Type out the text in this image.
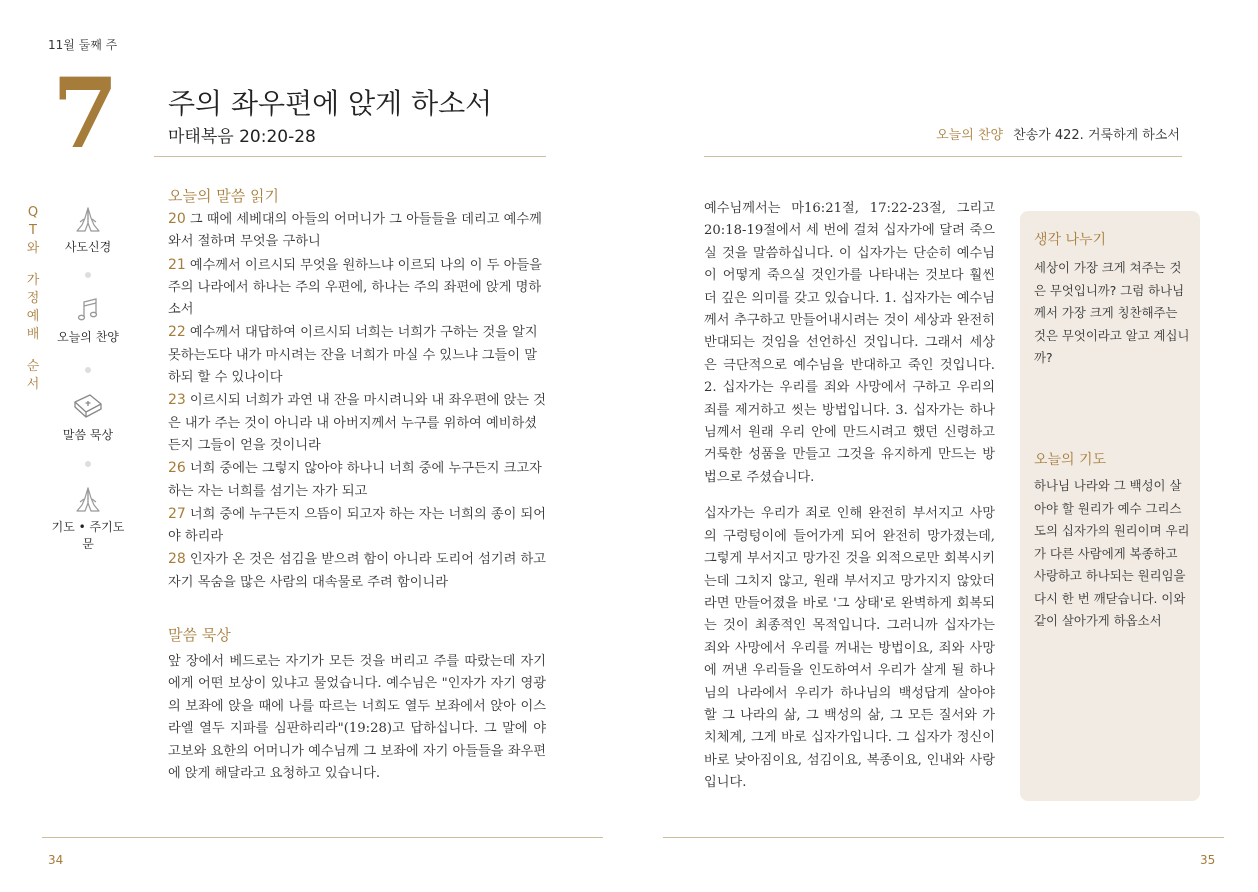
11월 둘째 주
7 주의 좌우편에 앉게 하소서
마태복음 20:20-28
Q
T
와
가
정
예
배
순
서
사도신경
오늘의 찬양
말씀 묵상
기도 • 주기도문
오늘의 말씀 읽기

20 그 때에 세베대의 아들의 어머니가 그 아들들을 데리고 예수께 와서 절하며 무엇을 구하니

21 예수께서 이르시되 무엇을 원하느냐 이르되 나의 이 두 아들을 주의 나라에서 하나는 주의 우편에, 하나는 주의 좌편에 앉게 명하소서

22 예수께서 대답하여 이르시되 너희는 너희가 구하는 것을 알지 못하는도다 내가 마시려는 잔을 너희가 마실 수 있느냐 그들이 말하되 할 수 있나이다

23 이르시되 너희가 과연 내 잔을 마시려니와 내 좌우편에 앉는 것은 내가 주는 것이 아니라 내 아버지께서 누구를 위하여 예비하셨든지 그들이 얻을 것이니라

26 너희 중에는 그렇지 않아야 하나니 너희 중에 누구든지 크고자 하는 자는 너희를 섬기는 자가 되고

27 너희 중에 누구든지 으뜸이 되고자 하는 자는 너희의 종이 되어야 하리라

28 인자가 온 것은 섬김을 받으려 함이 아니라 도리어 섬기려 하고 자기 목숨을 많은 사람의 대속물로 주려 함이니라

말씀 묵상

앞 장에서 베드로는 자기가 모든 것을 버리고 주를 따랐는데 자기에게 어떤 보상이 있냐고 물었습니다. 예수님은 "인자가 자기 영광의 보좌에 앉을 때에 나를 따르는 너희도 열두 보좌에서 앉아 이스라엘 열두 지파를 심판하리라"(19:28)고 답하십니다. 그 말에 야고보와 요한의 어머니가 예수님께 그 보좌에 자기 아들들을 좌우편에 앉게 해달라고 요청하고 있습니다.

34
오늘의 찬양 찬송가 422. 거룩하게 하소서

예수님께서는 마16:21절, 17:22-23절, 그리고 20:18-19절에서 세 번에 걸쳐 십자가에 달려 죽으실 것을 말씀하십니다. 이 십자가는 단순히 예수님이 어떻게 죽으실 것인가를 나타내는 것보다 훨씬 더 깊은 의미를 갖고 있습니다. 1. 십자가는 예수님께서 추구하고 만들어내시려는 것이 세상과 완전히 반대되는 것임을 선언하신 것입니다. 그래서 세상은 극단적으로 예수님을 반대하고 죽인 것입니다. 2. 십자가는 우리를 죄와 사망에서 구하고 우리의 죄를 제거하고 씻는 방법입니다. 3. 십자가는 하나님께서 원래 우리 안에 만드시려고 했던 신령하고 거룩한 성품을 만들고 그것을 유지하게 만드는 방법으로 주셨습니다.

십자가는 우리가 죄로 인해 완전히 부서지고 사망의 구렁텅이에 들어가게 되어 완전히 망가졌는데, 그렇게 부서지고 망가진 것을 외적으로만 회복시키는데 그치지 않고, 원래 부서지고 망가지지 않았더라면 만들어졌을 바로 '그 상태'로 완벽하게 회복되는 것이 최종적인 목적입니다. 그러니까 십자가는 죄와 사망에서 우리를 꺼내는 방법이요, 죄와 사망에 꺼낸 우리들을 인도하여서 우리가 살게 될 하나님의 나라에서 우리가 하나님의 백성답게 살아야 할 그 나라의 삶, 그 백성의 삶, 그 모든 질서와 가치체계, 그게 바로 십자가입니다. 그 십자가 정신이 바로 낮아짐이요, 섬김이요, 복종이요, 인내와 사랑입니다.

생각 나누기
세상이 가장 크게 쳐주는 것은 무엇입니까? 그럼 하나님께서 가장 크게 칭찬해주는 것은 무엇이라고 알고 계십니까?
오늘의 기도
하나님 나라와 그 백성이 살아야 할 원리가 예수 그리스도의 십자가의 원리이며 우리가 다른 사람에게 복종하고 사랑하고 하나되는 원리임을 다시 한 번 깨닫습니다. 이와 같이 살아가게 하옵소서
35
